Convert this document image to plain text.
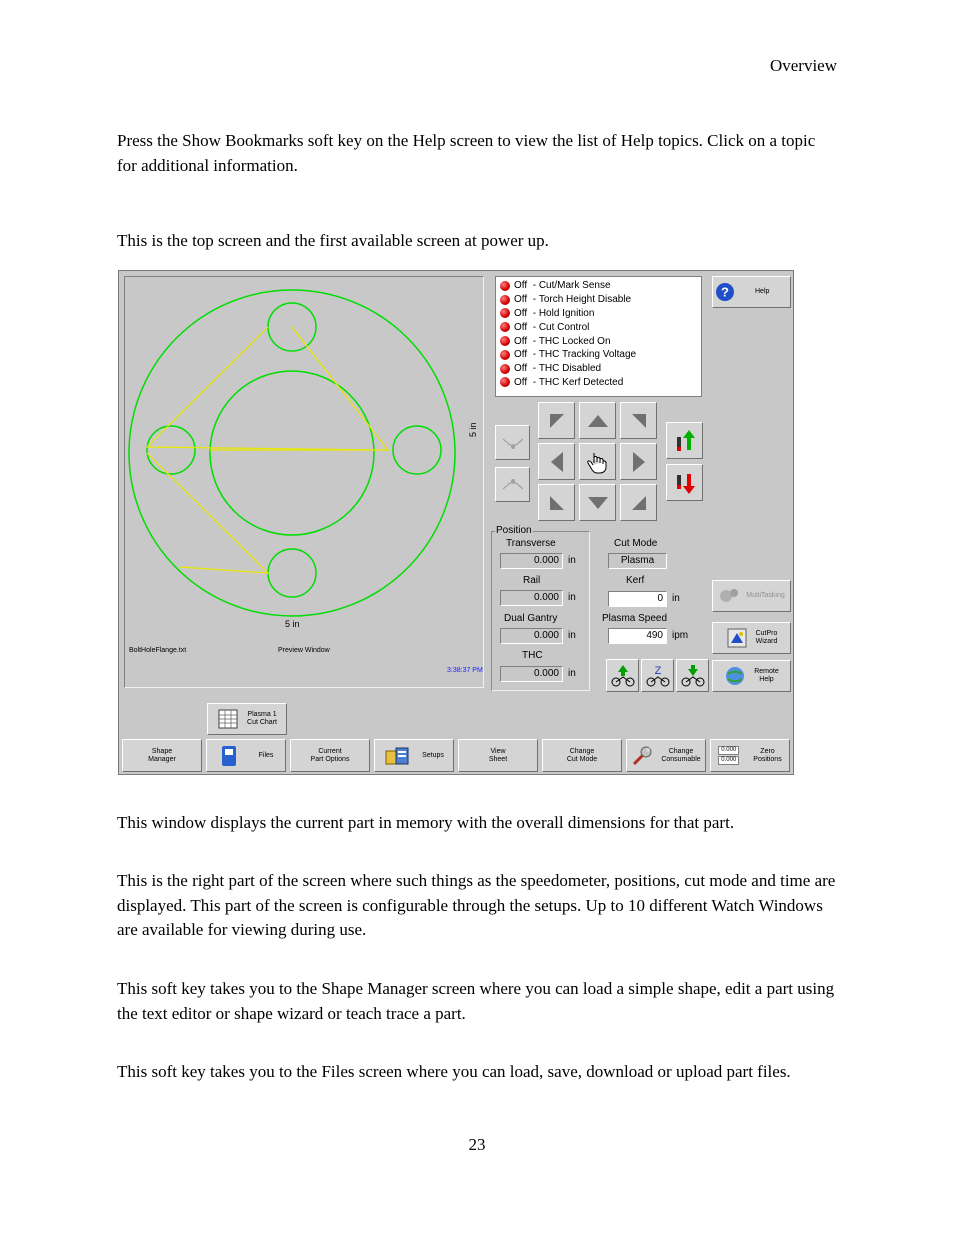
Overview
Press the Show Bookmarks soft key on the Help screen to view the list of Help topics. Click on a topic for additional information.
This is the top screen and the first available screen at power up.
5 in
5 in
BoltHoleFlange.txt	Preview Window
3:38:37 PM
Off - Cut/Mark Sense
Off - Torch Height Disable
Off - Hold Ignition
Off - Cut Control
Off - THC Locked On
Off - THC Tracking Voltage
Off - THC Disabled
Off - THC Kerf Detected
?	Help
Position
Transverse
0.000 in
Rail
0.000 in
Dual Gantry
0.000 in
THC
0.000 in
Cut Mode
Plasma
Kerf
0 in
Plasma Speed
490 ipm
Z
MultiTasking
CutPro
Wizard
Remote
Help
Plasma 1
Cut Chart
Shape
Manager
Files
Current
Part Options
Setups
View
Sheet
Change
Cut Mode
Change
Consumable
0.000
0.000
Zero
Positions
This window displays the current part in memory with the overall dimensions for that part.
This is the right part of the screen where such things as the speedometer, positions, cut mode and time are displayed. This part of the screen is configurable through the setups. Up to 10 different Watch Windows are available for viewing during use.
This soft key takes you to the Shape Manager screen where you can load a simple shape, edit a part using the text editor or shape wizard or teach trace a part.
This soft key takes you to the Files screen where you can load, save, download or upload part files.
23
